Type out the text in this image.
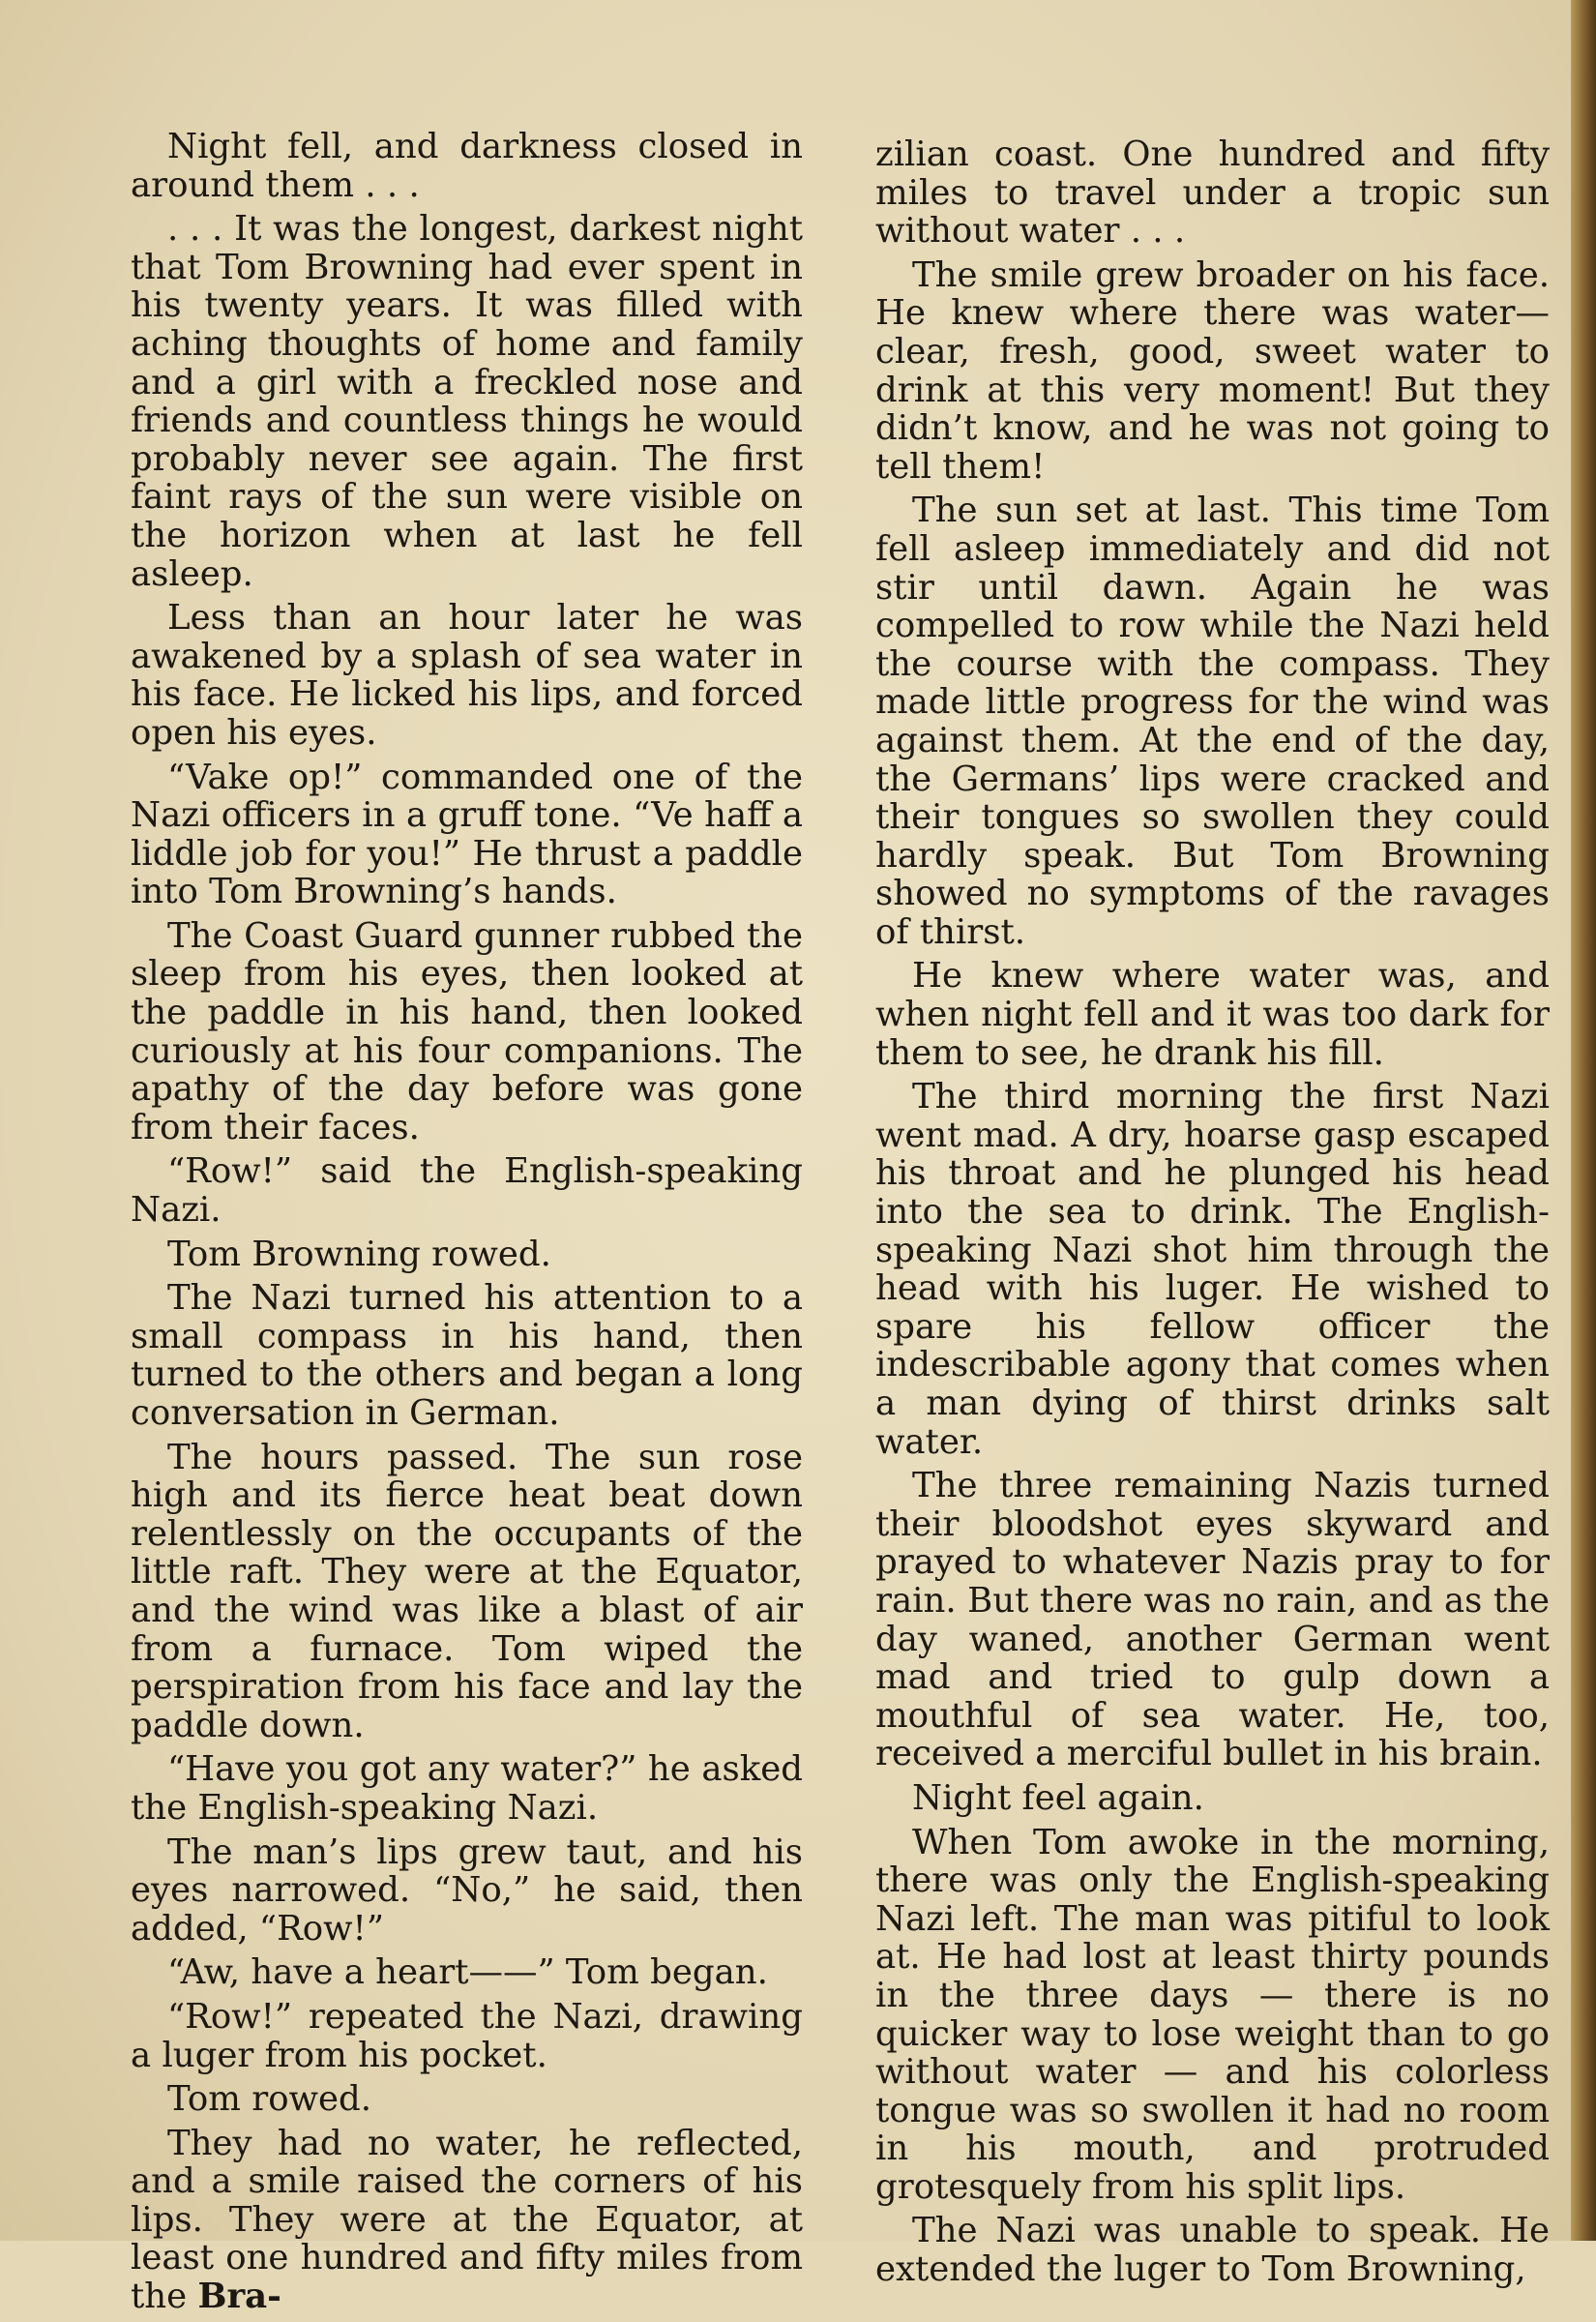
Night fell, and darkness closed in around them . . .

. . . It was the longest, darkest night that Tom Browning had ever spent in his twenty years. It was filled with aching thoughts of home and family and a girl with a freckled nose and friends and countless things he would probably never see again. The first faint rays of the sun were visible on the horizon when at last he fell asleep.

Less than an hour later he was awakened by a splash of sea water in his face. He licked his lips, and forced open his eyes.

“Vake op!” commanded one of the Nazi officers in a gruff tone. “Ve haff a liddle job for you!” He thrust a paddle into Tom Browning’s hands.

The Coast Guard gunner rubbed the sleep from his eyes, then looked at the paddle in his hand, then looked curiously at his four companions. The apathy of the day before was gone from their faces.

“Row!” said the English-speaking Nazi.

Tom Browning rowed.

The Nazi turned his attention to a small compass in his hand, then turned to the others and began a long conversation in German.

The hours passed. The sun rose high and its fierce heat beat down relentlessly on the occupants of the little raft. They were at the Equator, and the wind was like a blast of air from a furnace. Tom wiped the perspiration from his face and lay the paddle down.

“Have you got any water?” he asked the English-speaking Nazi.

The man’s lips grew taut, and his eyes narrowed. “No,” he said, then added, “Row!”

“Aw, have a heart——” Tom began.

“Row!” repeated the Nazi, drawing a luger from his pocket.

Tom rowed.

They had no water, he reflected, and a smile raised the corners of his lips. They were at the Equator, at least one hundred and fifty miles from the Bra-

zilian coast. One hundred and fifty miles to travel under a tropic sun without water . . .

The smile grew broader on his face. He knew where there was water—clear, fresh, good, sweet water to drink at this very moment! But they didn’t know, and he was not going to tell them!

The sun set at last. This time Tom fell asleep immediately and did not stir until dawn. Again he was compelled to row while the Nazi held the course with the compass. They made little progress for the wind was against them. At the end of the day, the Germans’ lips were cracked and their tongues so swollen they could hardly speak. But Tom Browning showed no symptoms of the ravages of thirst.

He knew where water was, and when night fell and it was too dark for them to see, he drank his fill.

The third morning the first Nazi went mad. A dry, hoarse gasp escaped his throat and he plunged his head into the sea to drink. The English-speaking Nazi shot him through the head with his luger. He wished to spare his fellow officer the indescribable agony that comes when a man dying of thirst drinks salt water.

The three remaining Nazis turned their bloodshot eyes skyward and prayed to whatever Nazis pray to for rain. But there was no rain, and as the day waned, another German went mad and tried to gulp down a mouthful of sea water. He, too, received a merciful bullet in his brain.

Night feel again.

When Tom awoke in the morning, there was only the English-speaking Nazi left. The man was pitiful to look at. He had lost at least thirty pounds in the three days — there is no quicker way to lose weight than to go without water — and his colorless tongue was so swollen it had no room in his mouth, and protruded grotesquely from his split lips.

The Nazi was unable to speak. He extended the luger to Tom Browning,
